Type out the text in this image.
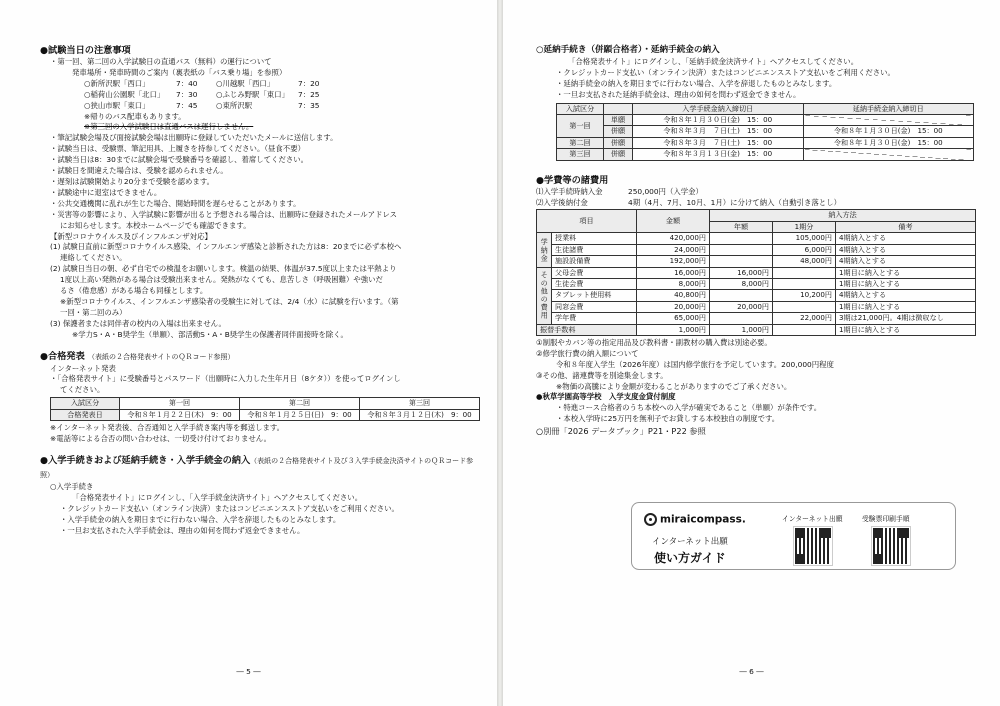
●試験当日の注意事項
・第一回、第二回の入学試験日の直通バス（無料）の運行について
発車場所・発車時間のご案内（裏表紙の「バス乗り場」を参照）
○新所沢駅「西口」	7：40	○川越駅「西口」	7：20
○稲荷山公園駅「北口」	7：30	○ふじみ野駅「東口」	7：25
○狭山市駅「東口」	7：45	○東所沢駅	7：35
※帰りのバス配車もあります。
※第三回の入学試験日は直通バスは運行しません。
・筆記試験会場及び面接試験会場は出願時に登録していただいたメールに送信します。
・試験当日は、受験票、筆記用具、上履きを持参してください。（昼食不要）
・試験当日は8：30までに試験会場で受験番号を確認し、着席してください。
・試験日を間違えた場合は、受験を認められません。
・遅刻は試験開始より20分まで受験を認めます。
・試験途中に退室はできません。
・公共交通機関に乱れが生じた場合、開始時間を遅らせることがあります。
・災害等の影響により、入学試験に影響が出ると予想される場合は、出願時に登録されたメールアドレス
にお知らせします。本校ホームページでも確認できます。
【新型コロナウイルス及びインフルエンザ対応】
(1) 試験日直前に新型コロナウイルス感染、インフルエンザ感染と診断された方は8：20までに必ず本校へ
連絡してください。
(2) 試験日当日の朝、必ず自宅での検温をお願いします。検温の結果、体温が37.5度以上または平熱より
1度以上高い発熱がある場合は受験出来ません。発熱がなくても、息苦しさ（呼吸困難）や強いだ
るさ（倦怠感）がある場合も同様とします。
※新型コロナウイルス、インフルエンザ感染者の受験生に対しては、2/4（水）に試験を行います。（第
一回・第二回のみ）
(3) 保護者または同伴者の校内の入場は出来ません。
※学力S・A・B奨学生（単願）、部活動S・A・B奨学生の保護者同伴面接時を除く。
●合格発表 （表紙の２合格発表サイトのＱＲコード参照）
インターネット発表
・「合格発表サイト」に受験番号とパスワード（出願時に入力した生年月日（8ケタ））を使ってログインし
てください。
入試区分	第一回	第二回	第三回
合格発表日	令和８年１月２２日(木)　9：00	令和８年１月２５日(日)　9：00	令和８年３月１２日(木)　9：00
※インターネット発表後、合否通知と入学手続き案内等を郵送します。
※電話等による合否の問い合わせは、一切受け付けておりません。
●入学手続きおよび延納手続き・入学手続金の納入（表紙の２合格発表サイト及び３入学手続金決済サイトのＱＲコード参照）
○入学手続き
「合格発表サイト」にログインし、「入学手続金決済サイト」へアクセスしてください。
・クレジットカード支払い（オンライン決済）またはコンビニエンスストア支払いをご利用ください。
・入学手続金の納入を期日までに行わない場合、入学を辞退したものとみなします。
・一旦お支払された入学手続金は、理由の如何を問わず返金できません。
― 5 ―
○延納手続き（併願合格者）・延納手続金の納入
「合格発表サイト」にログインし、「延納手続金決済サイト」へアクセスしてください。
・クレジットカード支払い（オンライン決済）またはコンビニエンスストア支払いをご利用ください。
・延納手続金の納入を期日までに行わない場合、入学を辞退したものとみなします。
・一旦お支払された延納手続金は、理由の如何を問わず返金できません。
入試区分		入学手続金納入締切日	延納手続金納入締切日
第一回	単願	令和８年１月３０日(金)　15：00	
	併願	令和８年３月　７日(土)　15：00	令和８年１月３０日(金)　15：00
第二回	併願	令和８年３月　７日(土)　15：00	令和８年１月３０日(金)　15：00
第三回	併願	令和８年３月１３日(金)　15：00	
●学費等の諸費用
⑴入学手続時納入金	250,000円（入学金）
⑵入学後納付金	4期（4月、7月、10月、1月）に分けて納入（自動引き落とし）
項目		金額	納入方法		
			年額	1期分	備考
学納金	授業料	420,000円		105,000円	4期納入とする
	生徒諸費	24,000円		6,000円	4期納入とする
	施設設備費	192,000円		48,000円	4期納入とする
その他の費用	父母会費	16,000円	16,000円		1期目に納入とする
	生徒会費	8,000円	8,000円		1期目に納入とする
	タブレット使用料	40,800円		10,200円	4期納入とする
	同窓会費	20,000円	20,000円		1期目に納入とする
	学年費	65,000円		22,000円	3期は21,000円。4期は徴収なし
振替手数料		1,000円	1,000円		1期目に納入とする
①制服やカバン等の指定用品及び教科書・副教材の購入費は別途必要。
②修学旅行費の納入額について
令和８年度入学生（2026年度）は国内修学旅行を予定しています。200,000円程度
③その他、諸連費等を別途集金します。
※物価の高騰により金額が変わることがありますのでご了承ください。
●秋草学園高等学校　入学支度金貸付制度
・特進コース合格者のうち本校への入学が確実であること（単願）が条件です。
・本校入学時に25万円を無利子でお貸しする本校独自の制度です。
○別冊「2026 データブック」P21・P22 参照
miraicompass.
インターネット出願
使い方ガイド
インターネット出願	受験票印刷手順
― 6 ―
